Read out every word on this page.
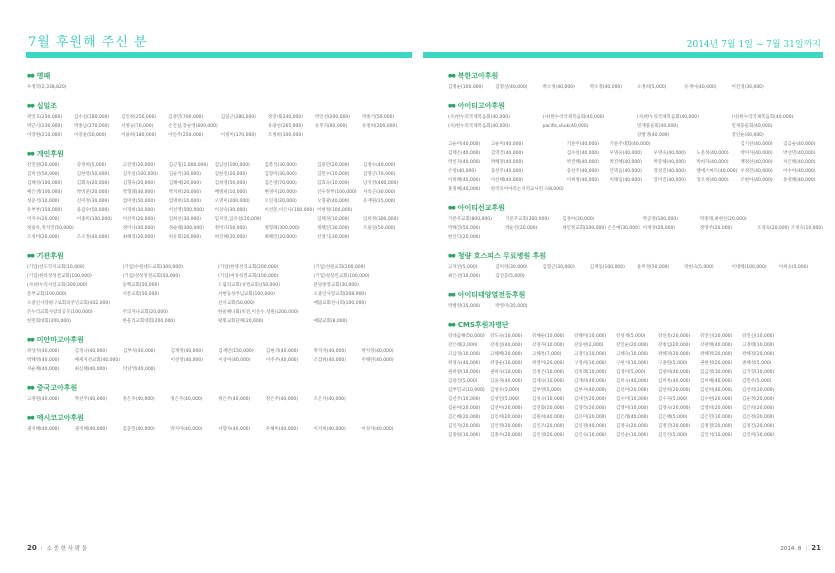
7월 후원해 주신 분
●● 명패
우정학(2,338,820)
●● 십일조
곽연호(250,000)	김수실(180,000)	김인정(250,000)	김경민(700,000)	김일근(280,000)	정연대(240,000)	박인선(200,000)	박종기(50,000)
박근식(230,000)	박종남(270,000)	서명규(70,000)	손진섭,장순영(600,000)	유광선(265,000)	유무지(60,000)	유정희(200,000)
이강원(210,000)	이강윤(50,000)	이용희(180,000)	이인주(250,000)	이정미(170,000)	조정희(100,000)
●● 개인후원
강진원(20,000)	강정희(5,000)	고진영(20,000)	김근형(1,000,000)	김남선(100,000)	김복석(30,000)	김용민(20,000)	김정수(40,000)
김미선(50,000)	김한영(50,000)	김주실(100,000)	김순기(30,000)	김한진(20,000)	김형미(30,000)	김민수(10,000)	김영근(70,000)
김해경(100,000)	김회숙(20,000)	김형숙(20,000)	김해예(20,000)	김희영(50,000)	김은영(70,000)	김효숙(10,000)	남지영(400,000)
배은생(100,000)	박비준(20,000)	박형례(30,000)	박지희(20,000)	배병희(10,000)	변경미(20,000)	신우정부(100,000)	서옥근(30,000)
성준석(10,000)	신미정(30,000)	엄미영(50,000)	염명희(10,000)	오명미(200,000)	오연경(20,000)	오형광(40,000)	유재원(15,000)
유부부(150,000)	윤갑수(50,000)	이경희(30,000)	이선영(500,000)	이상숙(30,000)	이선문,이은나(100,000) 이현정(100,000)
이지수(20,000)	이종미(100,000)	이선미(20,000)	임희선(30,000)	임지연,임유섭(20,000)	임혜경(10,000)	임희정(300,000)
정용록,정지연(50,000)	정미나(30,000)	정순례(300,000)	정미나(50,000)	정형례(300,000)	정혜진(30,000)	조용일(50,000)
조성미(20,000)	조소정(40,000)	최해경(20,000)	허유회(20,000)	허진혜(20,000)	최혜민(20,000)	신영식(30,000)
●● 기관후원
(기업)선도학지교회(10,000)	(기업)수원대도교회(300,000)	(기업)한영성리교회(200,000)	(기업)성원교회(200,000)
(기업)한라성성결교회(100,000)	(기업)성성성결교회(50,000)	(기업)여성성결교회(100,000)	(기업)청설린교회(100,000)
(사)한누리사랑교회(300,000)	동백교회(50,000)	드림의교회(성결교회)(50,000)	분당중앙교회(30,000)
문부교회(100,000)	서문교회(50,000)	서현동성주님교회(100,000)	소중인사랑교회(208,900)
소중인사랑평구로회의주인교회(442,000)	신서교회(50,000)	예닮교회선나회(100,000)
온누리교회사랑의공모(100,000)	주의자나교회(20,000)	한울해나회(비전,이온누,성원)(200,000)
한민회대회(200,000)	한울리교회대회(200,000)	평빛교회단체(20,000)	예닮교회(8,000)
●● 미안마고아후원
곽상자(40,000)	김경나(40,000)	김부자(40,000)	김재영(40,000)	김재민(150,000)	김현석(40,000)	박지자(40,000)	박지영(40,000)
박해영(40,000)	배세지선교회(40,000)	이선영(40,000)	이상미(40,000)	이주주(40,000)	조감희(40,000)	주해란(40,000)
지순해(40,000)	최신혜(40,000)	탁난영(40,000)
●● 중국고아후원
고정원(40,000)	박선주(40,000)	정은주(40,000)	정은주(40,000)	정은주(40,000)	정은주(40,000)	조은서(40,000)
●● 멕시코고아후원
권지혜(40,000)	권지혜(40,000)	김동민(40,000)	박지미(40,000)	서향자(40,000)	우해미(40,000)	이지희(40,000)	이성자(40,000)
20 | 소 중 한 사 람 들
2014년 7월 1일 ~ 7월 31일까지
●● 북한고아후원
김명순(100,000)	김명실(40,000)	박소정(40,000)	박소정(40,000)	오정희(5,000)	유재이(40,000)	이건경(30,000)
●● 아이티고아후원
(사)한누리국제복음회(40,000)	(사)한누리국제복음회(40,000)	(사)한누리국제복음회(40,000)	(사)한누리국제복음회(40,000)
(사)한누리국제복음회(40,000)	pacific,shuk(40,000)	민재풍물회(40,000)	민재풍물회(40,000)
강병생(40,000)	강인순(40,000)
고순미(40,000)	고순미(40,000)	기룬주(40,000)	기룬주대회(40,000)	김기찬(40,000)	김금순(40,000)
김태은(40,000)	김영건(40,000)	김수실(40,000)	우명숙(40,000)	우명숙(40,000)	노문정(40,000)	박미자(40,000)	박선민(40,000)
박선자(40,000)	박혜정(40,000)	박진혜(40,000)	박진혜(40,000)	박준해(40,000)	박희자(40,000)	백정선(40,000)	서은혜(40,000)
손창(40,000)	송선주(40,000)	송선주(40,000)	안명음(40,000)	장성진(40,000)	엘에스마트(40,000) 우경진(40,000)	이수아(40,000)
이희혜(40,000)	이선혜(40,000)	이희정(40,000)	이태임(40,000)	장미진(40,000)	장오정(40,000)	조현아(40,000)	홍정혜(40,000)
홍정혜(40,000)	한국유아아리는지역교사연구(8,000)
●● 아이티선교후원
기룬주교회(800,000)	기룬주교회(300,000)	김경아(30,000)	박공정(100,000)	박종래,최현신(20,000)
박해진(50,000)	박순진(20,000)	새인정교회(100,000) 손은예(30,000) 이재성(20,000)	정영주(20,000)	조경숙(20,000) 조경숙(10,000)
한인덕(20,000)
●● 청량 호스피스 무료병원 후원
고지연(5,000)	김미영(30,000)	김혈근(30,000)	김재동(100,000)	윤미경(50,000)	박현숙(5,000)	이대태(100,000)	이희숙(5,000)
최은선(10,000)	김선동(5,000)
●● 아이티태양열전등후원
박병영(35,000)	박영미(35,000)
●● CMS후원자명단
강대음해(50,000)	강도숙(10,000)	강해순(10,000)	강해미(10,000)	강성재(5,000)	강선옥(20,000)	강연신(20,000)	강연신(10,000)
강은해(2,000)	강경실(40,000)	강경자(10,000)	강동현(2,000)	강인순(20,000)	강정임(20,000)	강판태(40,000)	고경태(10,000)
고남경(10,000)	고해혜(20,000)	고해옥(7,000)	고경익(10,000)	고혜숙(10,000)	곽혜경(20,000)	곽혜정(20,000)	곽혜정(20,000)
곽경숙(40,000)	곽경순(10,000)	곽영미(20,000)	구경희(10,000)	구현서(10,000)	구종원(5,000)	권현정(20,000)	권혜성(5,000)
권희양(10,000)	권희숙(10,000)	길정은(10,000)	길옥례(10,000)	김경미(5,000)	김광희(40,000)	김금정(30,000)	김기형(10,000)
김용진(5,000)	김윤경(40,000)	김재숙(10,000)	김재희(40,000)	김미숙(40,000)	김미옥(40,000)	김미혜(40,000)	김민주(5,000)
김부민교(10,000)	김성우(5,000)	김부영(5,000)	김부사(40,000)	김선미(20,000)	김선희(20,000)	김선희(40,000)	김선희(20,000)
김선주(10,000)	김성민(5,000)	김성숙(10,000)	김세진(20,000)	김수미(10,000)	김수자(5,000)	김수현(20,000)	김순정(20,000)
김순여(20,000)	김연아(20,000)	김연화(20,000)	김영라(20,000)	김영미(10,000)	김영숙(20,000)	김영희(20,000)	김은희(20,000)
김은혜(20,000)	김인희(20,000)	김원희(40,000)	김유미(20,000)	김은래(40,000)	김은혜(5,000)	김은민(10,000)	김은정(20,000)
김인자(20,000)	김인영(20,000)	김인조(20,000)	김인경(40,000)	김정숙(20,000)	김정진(20,000)	김정철(20,000)	김정진(20,000)
김종원(10,000)	김종수(20,000)	김인경(20,000)	김인숙(10,000)	김인순(10,000)	김인진(5,000)	김인석(10,000)	김인희(10,000)
2014. 8 | 21
